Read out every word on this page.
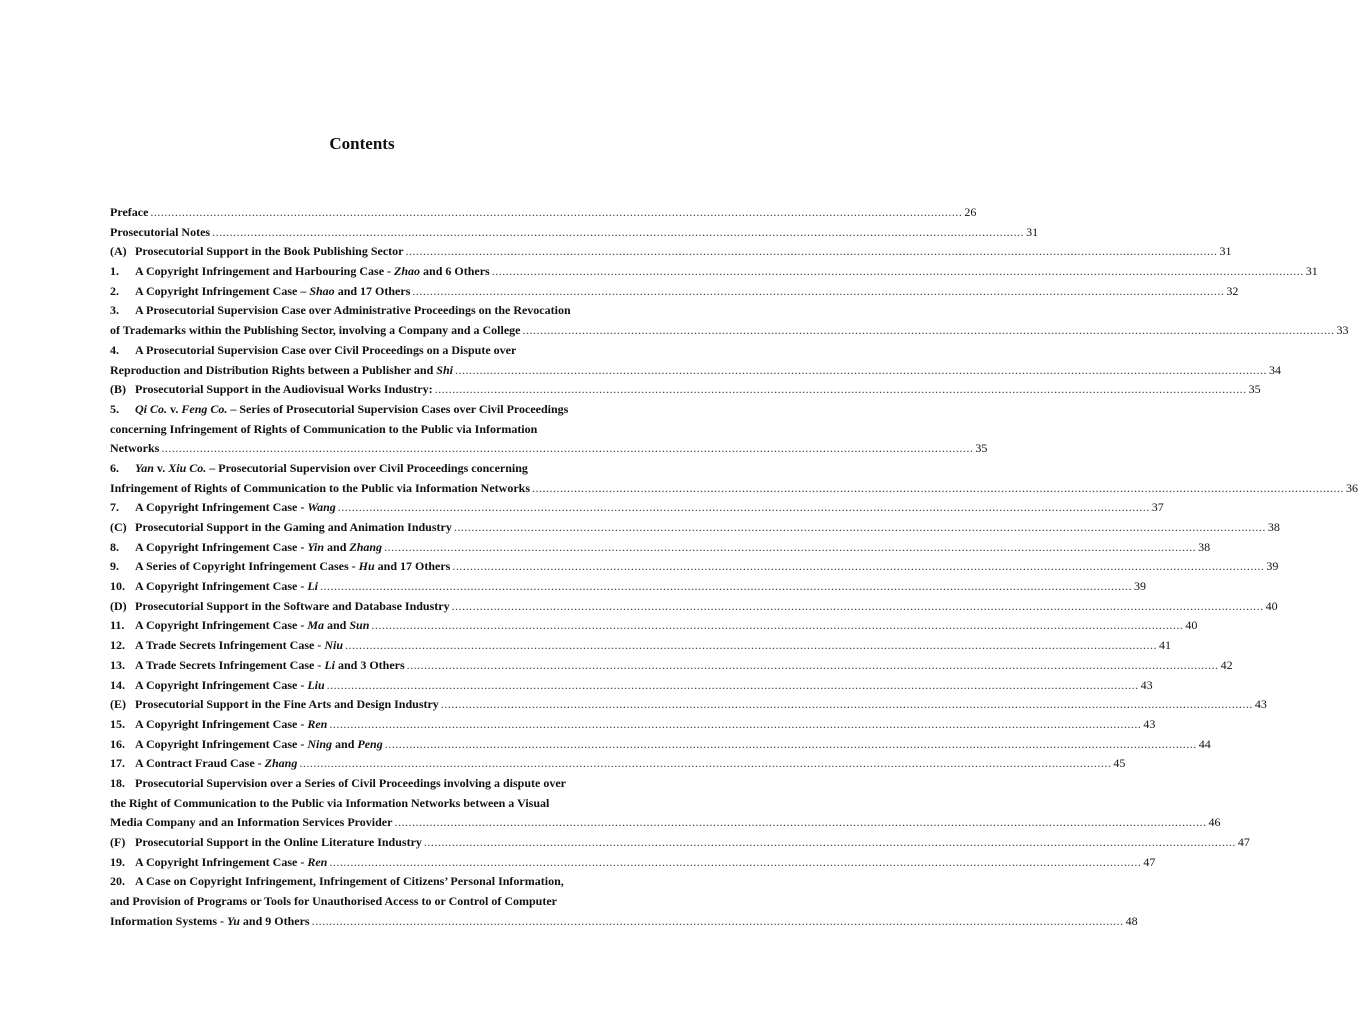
Contents
Preface .....	26
Prosecutorial Notes .....	31
(A) Prosecutorial Support in the Book Publishing Sector .....	31
1.	A Copyright Infringement and Harbouring Case - Zhao and 6 Others .....	31
2.	A Copyright Infringement Case – Shao and 17 Others .....	32
3.	A Prosecutorial Supervision Case over Administrative Proceedings on the Revocation
of Trademarks within the Publishing Sector, involving a Company and a College .....	33
4.	A Prosecutorial Supervision Case over Civil Proceedings on a Dispute over
Reproduction and Distribution Rights between a Publisher and Shi .....	34
(B) Prosecutorial Support in the Audiovisual Works Industry: .....	35
5.	Qi Co. v. Feng Co. – Series of Prosecutorial Supervision Cases over Civil Proceedings
concerning Infringement of Rights of Communication to the Public via Information
Networks .....	35
6.	Yan v. Xiu Co. – Prosecutorial Supervision over Civil Proceedings concerning
Infringement of Rights of Communication to the Public via Information Networks .....	36
7.	A Copyright Infringement Case - Wang .....	37
(C) Prosecutorial Support in the Gaming and Animation Industry .....	38
8.	A Copyright Infringement Case - Yin and Zhang .....	38
9.	A Series of Copyright Infringement Cases - Hu and 17 Others .....	39
10. A Copyright Infringement Case - Li .....	39
(D) Prosecutorial Support in the Software and Database Industry .....	40
11. A Copyright Infringement Case - Ma and Sun .....	40
12. A Trade Secrets Infringement Case - Niu .....	41
13. A Trade Secrets Infringement Case - Li and 3 Others .....	42
14. A Copyright Infringement Case - Liu .....	43
(E) Prosecutorial Support in the Fine Arts and Design Industry .....	43
15. A Copyright Infringement Case - Ren .....	43
16. A Copyright Infringement Case - Ning and Peng .....	44
17. A Contract Fraud Case - Zhang .....	45
18. Prosecutorial Supervision over a Series of Civil Proceedings involving a dispute over
the Right of Communication to the Public via Information Networks between a Visual
Media Company and an Information Services Provider .....	46
(F) Prosecutorial Support in the Online Literature Industry .....	47
19. A Copyright Infringement Case - Ren .....	47
20. A Case on Copyright Infringement, Infringement of Citizens’ Personal Information,
and Provision of Programs or Tools for Unauthorised Access to or Control of Computer
Information Systems - Yu and 9 Others .....	48
